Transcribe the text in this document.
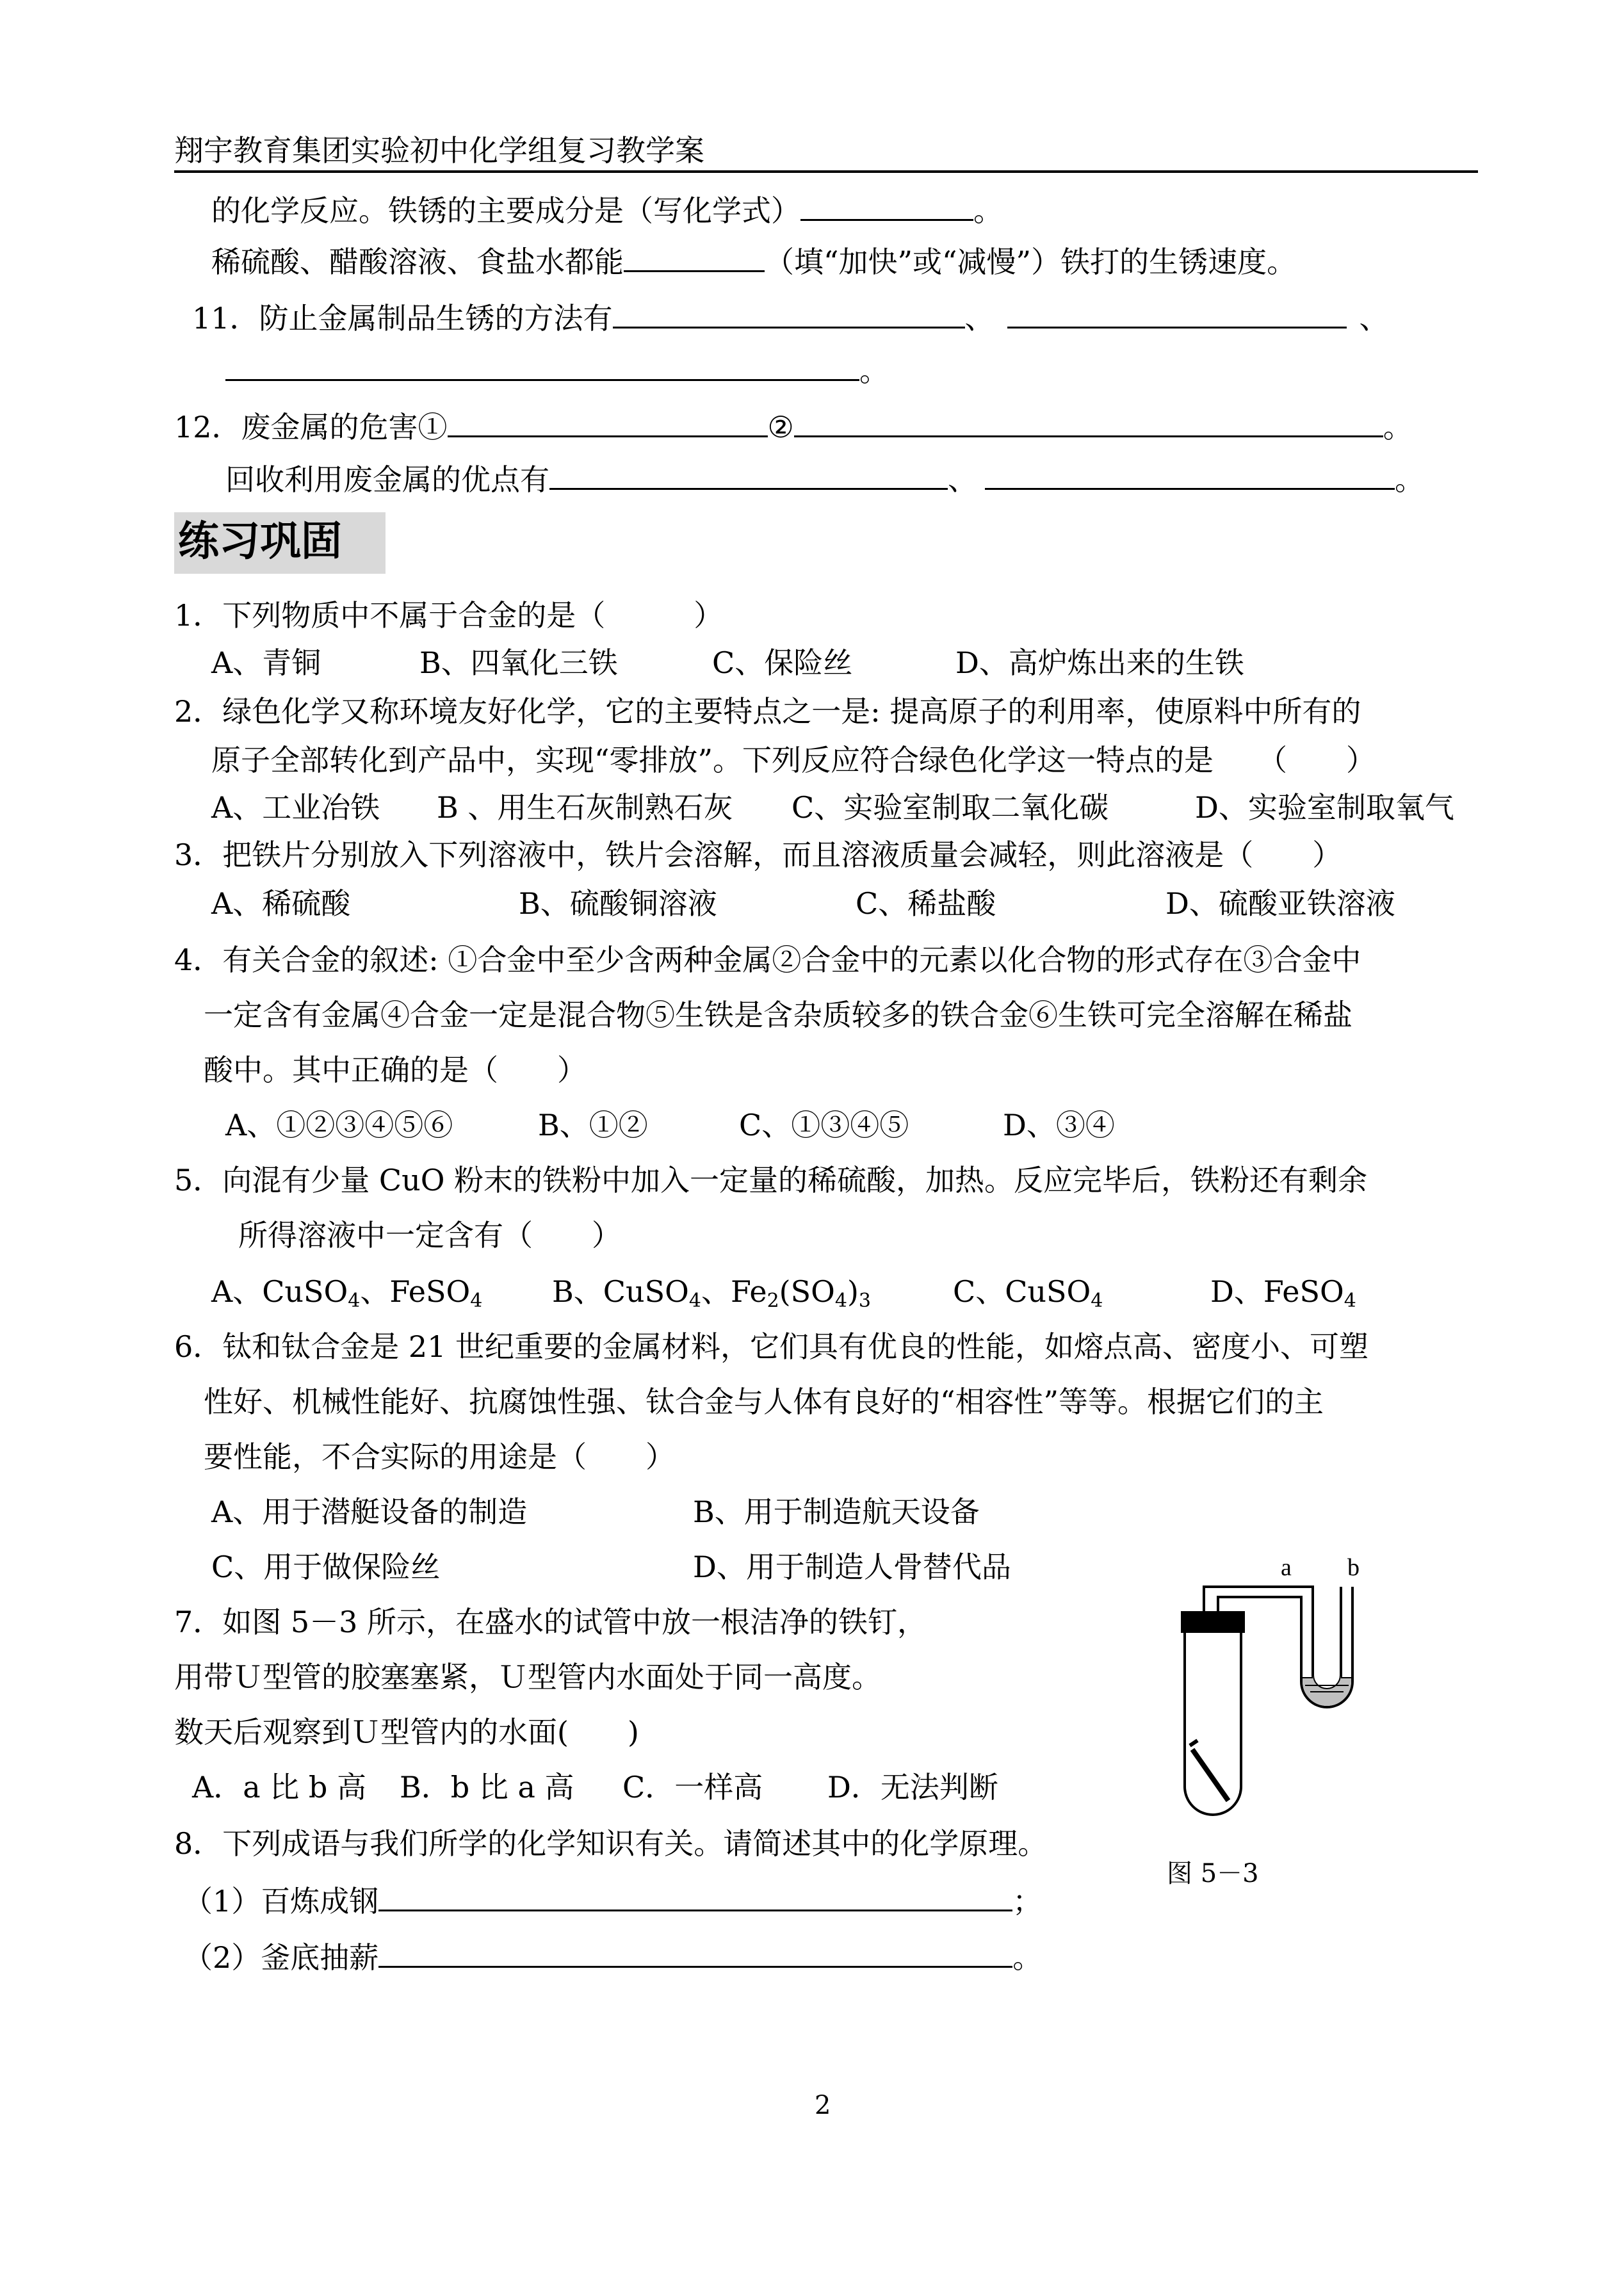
翔宇教育集团实验初中化学组复习教学案
的化学反应。铁锈的主要成分是（写化学式）	。
稀硫酸、醋酸溶液、食盐水都能	（填“加快”或“减慢”）铁打的生锈速度。
11．防止金属制品生锈的方法有	、	、
。
12．废金属的危害①	②	。
回收利用废金属的优点有	、	。
练习巩固
1．下列物质中不属于合金的是（　　　）
A、青铜	B、四氧化三铁	C、保险丝	D、高炉炼出来的生铁
2．绿色化学又称环境友好化学，它的主要特点之一是: 提高原子的利用率，使原料中所有的
原子全部转化到产品中，实现“零排放”。下列反应符合绿色化学这一特点的是　　（　　）
A、工业冶铁 B 、用生石灰制熟石灰 C、实验室制取二氧化碳	D、实验室制取氧气
3．把铁片分别放入下列溶液中，铁片会溶解，而且溶液质量会减轻，则此溶液是（　　）
A、稀硫酸	B、硫酸铜溶液	C、稀盐酸	D、硫酸亚铁溶液
4．有关合金的叙述: ①合金中至少含两种金属②合金中的元素以化合物的形式存在③合金中
一定含有金属④合金一定是混合物⑤生铁是含杂质较多的铁合金⑥生铁可完全溶解在稀盐
酸中。其中正确的是（　　）
A、①②③④⑤⑥	B、①②	C、①③④⑤	D、③④
5．向混有少量 CuO 粉末的铁粉中加入一定量的稀硫酸，加热。反应完毕后，铁粉还有剩余
所得溶液中一定含有（　　）
A、CuSO$_4$、FeSO$_4$ B、CuSO$_4$、$Fe_2(SO_4)_3$	C、CuSO$_4$	D、FeSO$_4$
6．钛和钛合金是 21 世纪重要的金属材料，它们具有优良的性能，如熔点高、密度小、可塑
性好、机械性能好、抗腐蚀性强、钛合金与人体有良好的“相容性”等等。根据它们的主
要性能，不合实际的用途是（　　）
A、用于潜艇设备的制造	B、用于制造航天设备
C、用于做保险丝	D、用于制造人骨替代品
7．如图 5－3 所示，在盛水的试管中放一根洁净的铁钉，
用带Ｕ型管的胶塞塞紧，Ｕ型管内水面处于同一高度。
数天后观察到Ｕ型管内的水面(　　)
A．a 比 b 高 B．b 比 a 高 C．一样高 D．无法判断
a b
图 5－3
8．下列成语与我们所学的化学知识有关。请简述其中的化学原理。
（1）百炼成钢	；
（2）釜底抽薪	。
2
